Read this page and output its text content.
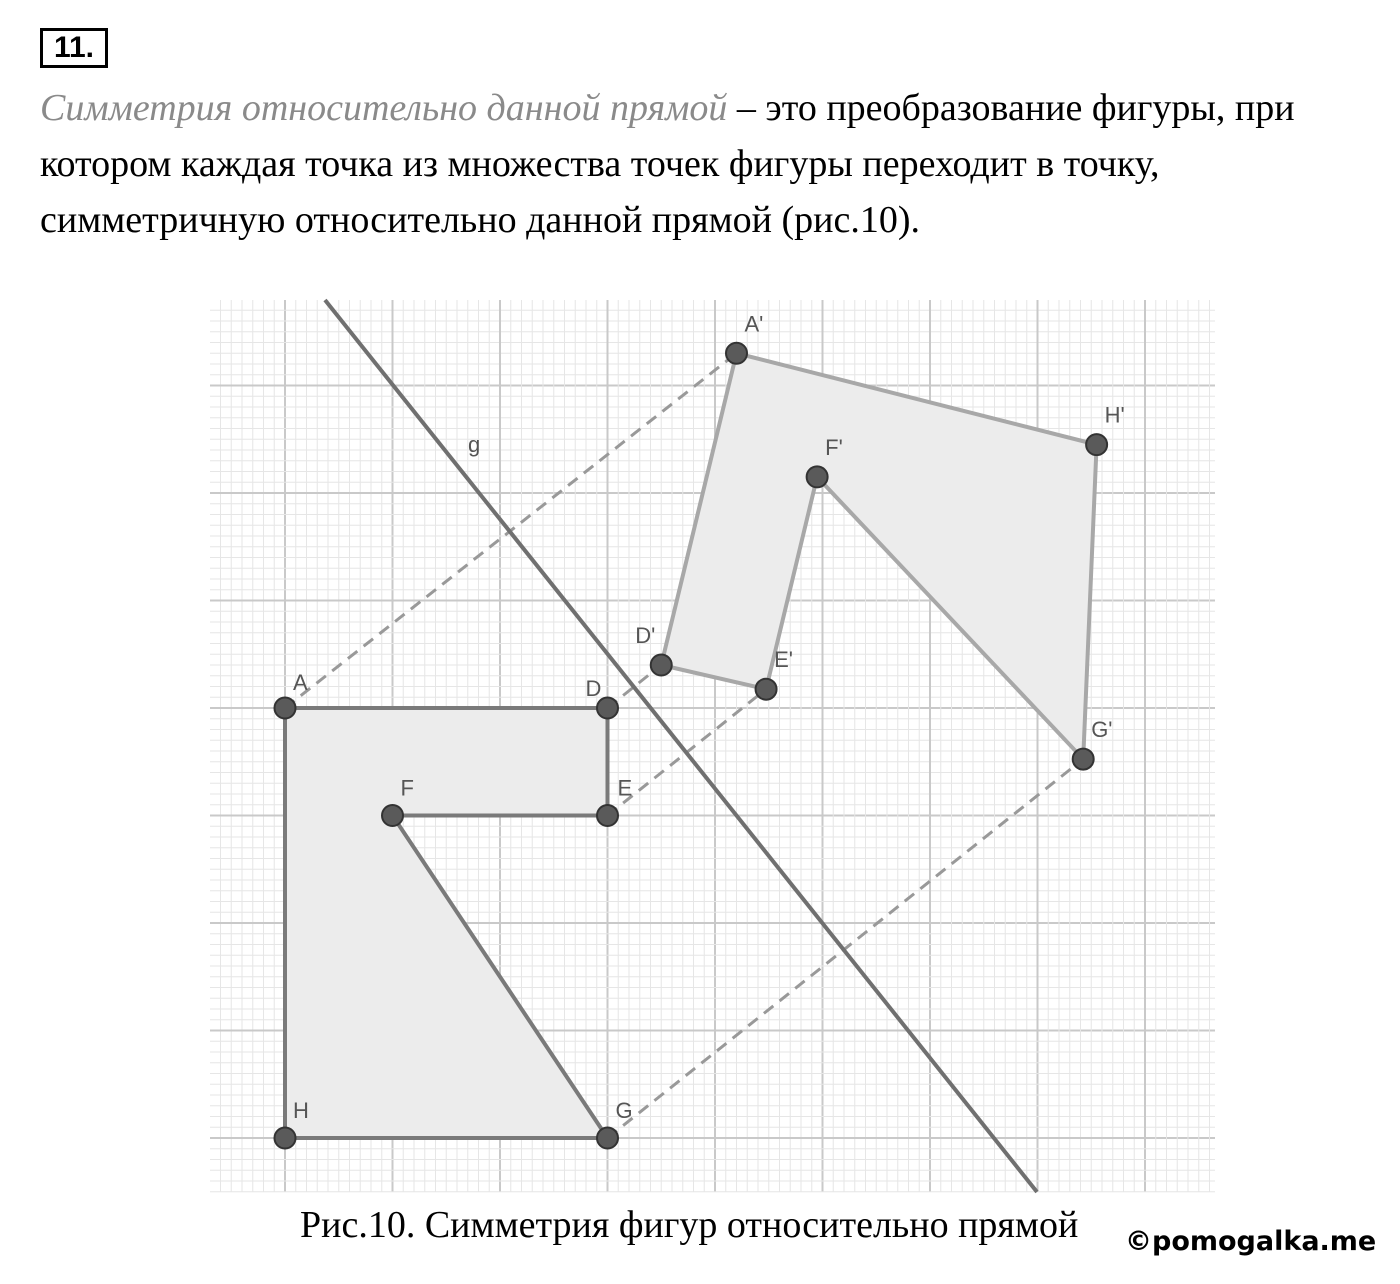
11.

Симметрия относительно данной прямой – это преобразование фигуры, при
котором каждая точка из множества точек фигуры переходит в точку,
симметричную относительно данной прямой (рис.10).

g
A	D
E
F
G
H
A'
D'
E'
F'
G'
H'
Рис.10. Симметрия фигур относительно прямой ©pomogalka.me
